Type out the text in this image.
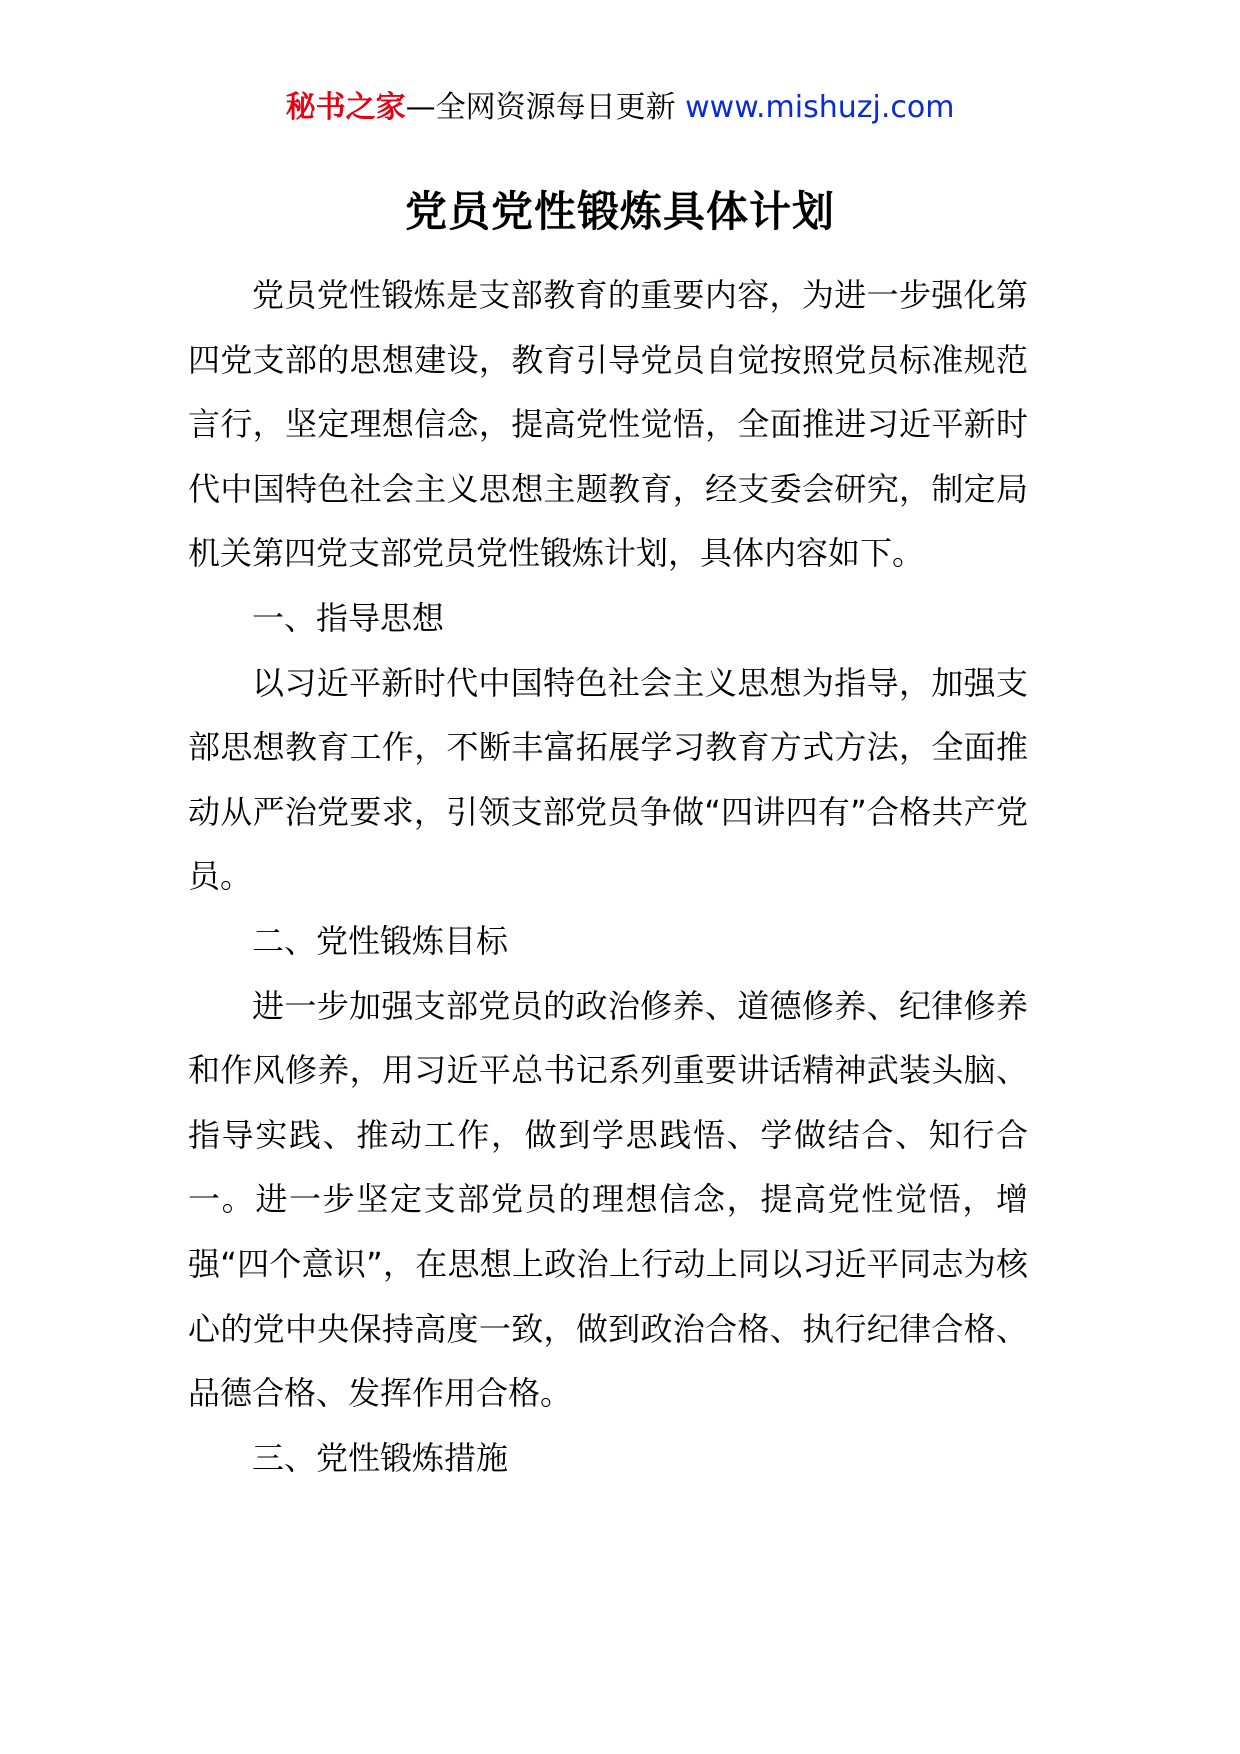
秘书之家—全网资源每日更新 www.mishuzj.com
党员党性锻炼具体计划

党员党性锻炼是支部教育的重要内容，为进一步强化第四党支部的思想建设，教育引导党员自觉按照党员标准规范言行，坚定理想信念，提高党性觉悟，全面推进习近平新时代中国特色社会主义思想主题教育，经支委会研究，制定局机关第四党支部党员党性锻炼计划，具体内容如下。

一、指导思想

以习近平新时代中国特色社会主义思想为指导，加强支部思想教育工作，不断丰富拓展学习教育方式方法，全面推动从严治党要求，引领支部党员争做“四讲四有”合格共产党员。

二、党性锻炼目标

进一步加强支部党员的政治修养、道德修养、纪律修养和作风修养，用习近平总书记系列重要讲话精神武装头脑、指导实践、推动工作，做到学思践悟、学做结合、知行合一。进一步坚定支部党员的理想信念，提高党性觉悟，增强“四个意识”，在思想上政治上行动上同以习近平同志为核心的党中央保持高度一致，做到政治合格、执行纪律合格、品德合格、发挥作用合格。

三、党性锻炼措施
